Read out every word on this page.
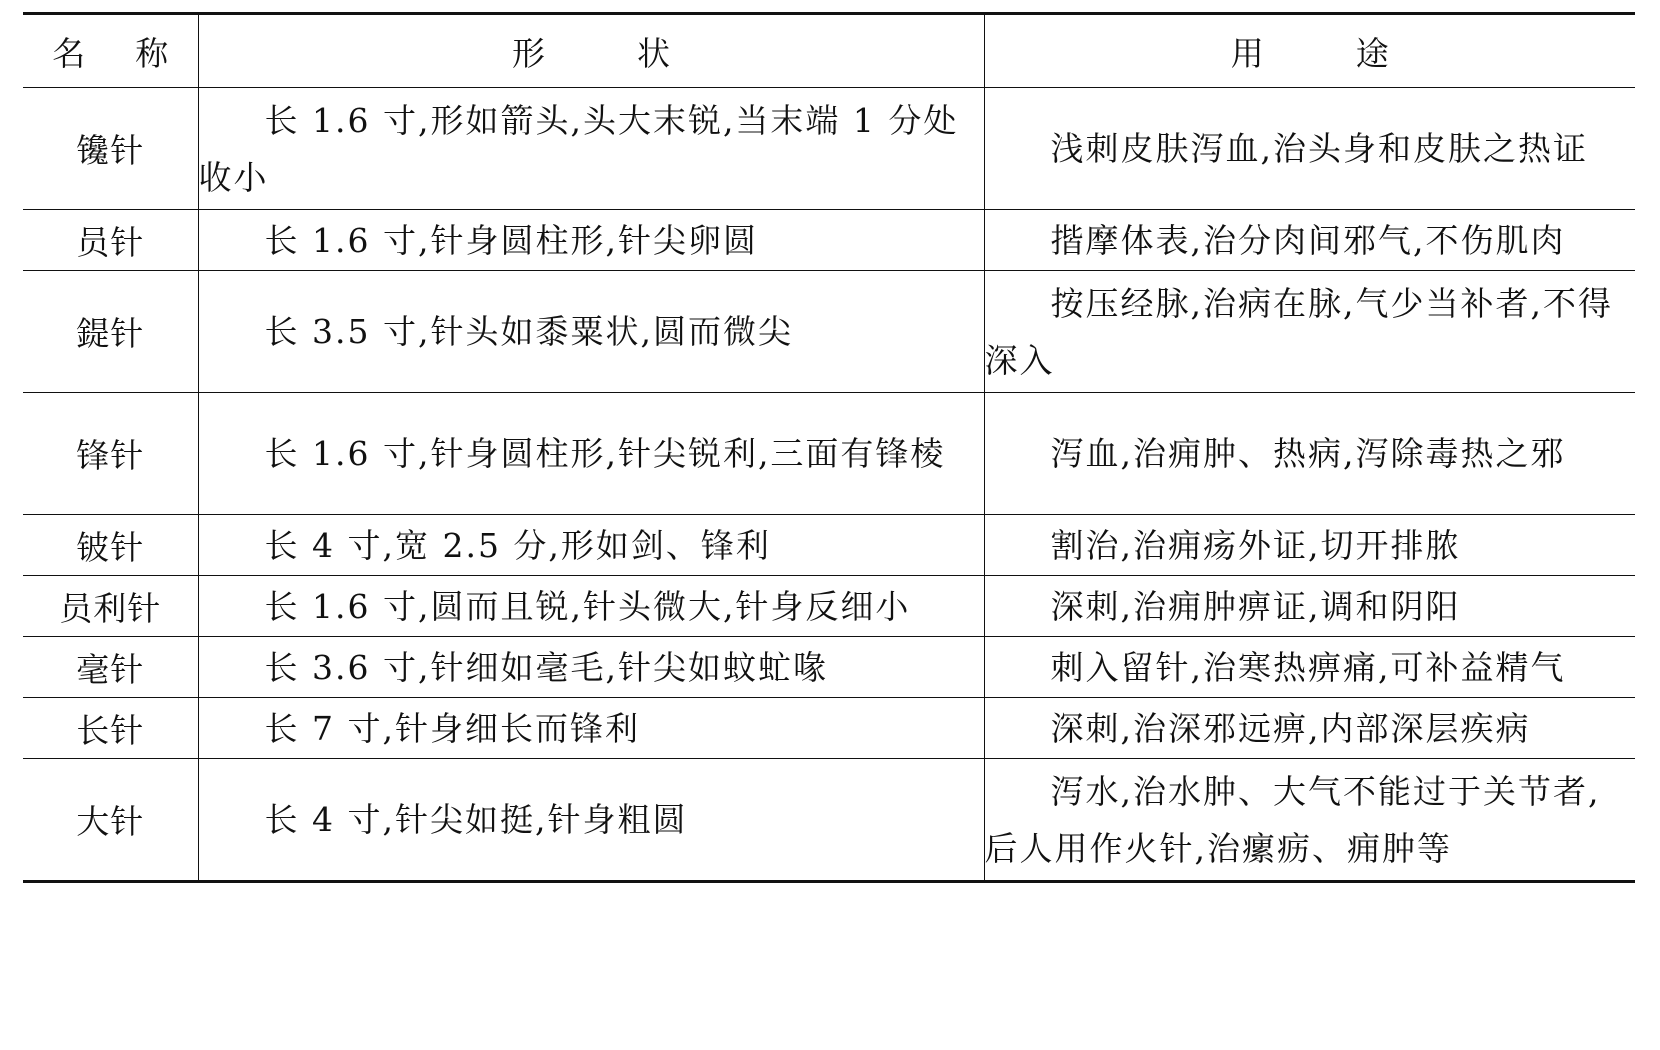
名 称	形 状	用 途
镵针	长 1.6 寸,形如箭头,头大末锐,当末端 1 分处收小	浅刺皮肤泻血,治头身和皮肤之热证
员针	长 1.6 寸,针身圆柱形,针尖卵圆	揩摩体表,治分肉间邪气,不伤肌肉
鍉针	长 3.5 寸,针头如黍粟状,圆而微尖	按压经脉,治病在脉,气少当补者,不得深入
锋针	长 1.6 寸,针身圆柱形,针尖锐利,三面有锋棱	泻血,治痈肿、热病,泻除毒热之邪
铍针	长 4 寸,宽 2.5 分,形如剑、锋利	割治,治痈疡外证,切开排脓
员利针	长 1.6 寸,圆而且锐,针头微大,针身反细小	深刺,治痈肿痹证,调和阴阳
毫针	长 3.6 寸,针细如毫毛,针尖如蚊虻喙	刺入留针,治寒热痹痛,可补益精气
长针	长 7 寸,针身细长而锋利	深刺,治深邪远痹,内部深层疾病
大针	长 4 寸,针尖如挺,针身粗圆	泻水,治水肿、大气不能过于关节者,后人用作火针,治瘰疬、痈肿等
